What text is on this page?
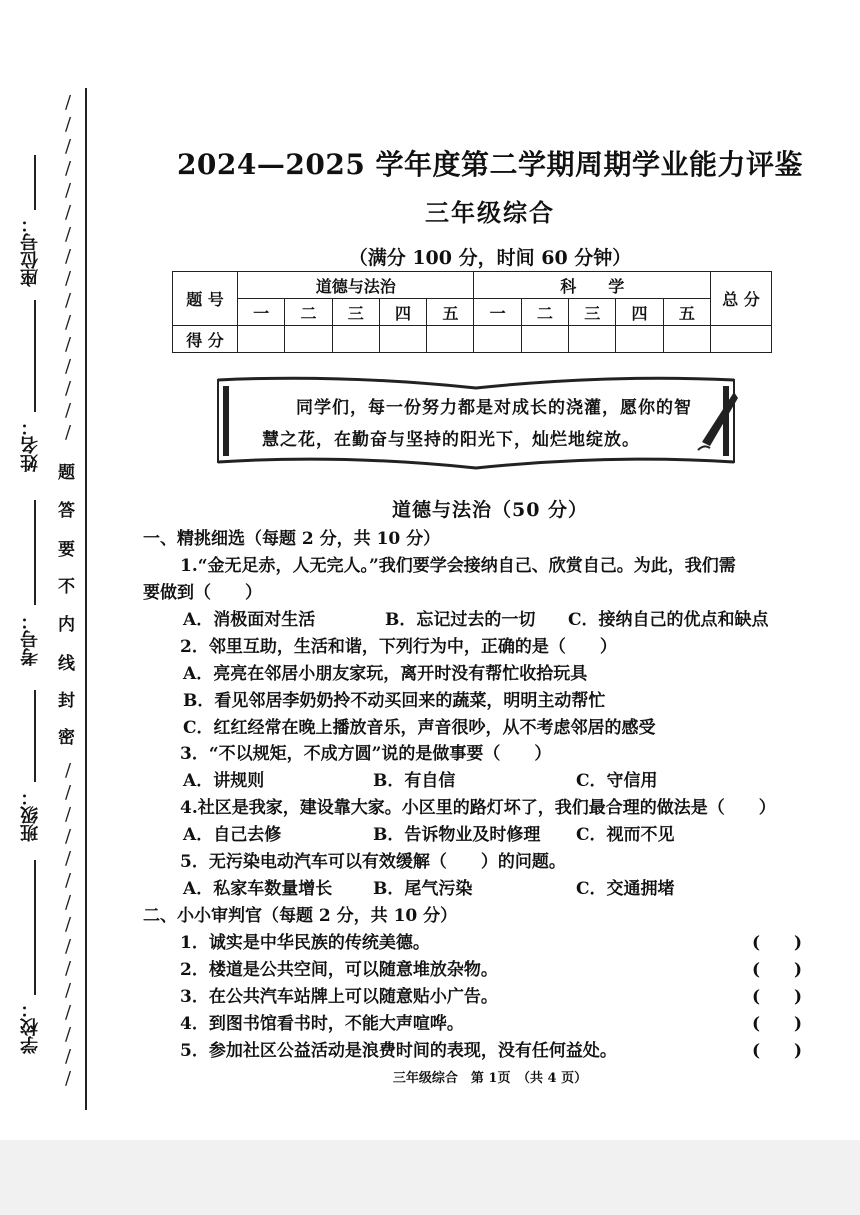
/
/
/
/
/
/
/
/
/
/
/
/
/
/
/
/
题
答
要
不
内
线
封
密
/
/
/
/
/
/
/
/
/
/
/
/
/
/
/
座位号：
姓名：
考号：
班级：
学校：
2024—2025 学年度第二学期周期学业能力评鉴
三年级综合
（满分 100 分，时间 60 分钟）
题 号	道德与法治					科　　学					总 分
	一	二	三	四	五	一	二	三	四	五	
得 分											
同学们，每一份努力都是对成长的浇灌，愿你的智
慧之花，在勤奋与坚持的阳光下，灿烂地绽放。
道德与法治（50 分）
一、精挑细选（每题 2 分，共 10 分）
1.“金无足赤，人无完人。”我们要学会接纳自己、欣赏自己。为此，我们需
要做到（　　）
A．消极面对生活	B．忘记过去的一切 C．接纳自己的优点和缺点
2．邻里互助，生活和谐，下列行为中，正确的是（　　）
A．亮亮在邻居小朋友家玩，离开时没有帮忙收拾玩具
B．看见邻居李奶奶拎不动买回来的蔬菜，明明主动帮忙
C．红红经常在晚上播放音乐，声音很吵，从不考虑邻居的感受
3．“不以规矩，不成方圆”说的是做事要（　　）
A．讲规则	B．有自信	C．守信用
4.社区是我家，建设靠大家。小区里的路灯坏了，我们最合理的做法是（　　）
A．自己去修	B．告诉物业及时修理 C．视而不见
5．无污染电动汽车可以有效缓解（　　）的问题。
A．私家车数量增长 B．尾气污染	C．交通拥堵
二、小小审判官（每题 2 分，共 10 分）
1．诚实是中华民族的传统美德。	(　　)
2．楼道是公共空间，可以随意堆放杂物。	(　　)
3．在公共汽车站牌上可以随意贴小广告。	(　　)
4．到图书馆看书时，不能大声喧哗。	(　　)
5．参加社区公益活动是浪费时间的表现，没有任何益处。	(　　)
三年级综合　第 1页　（共 4 页）
